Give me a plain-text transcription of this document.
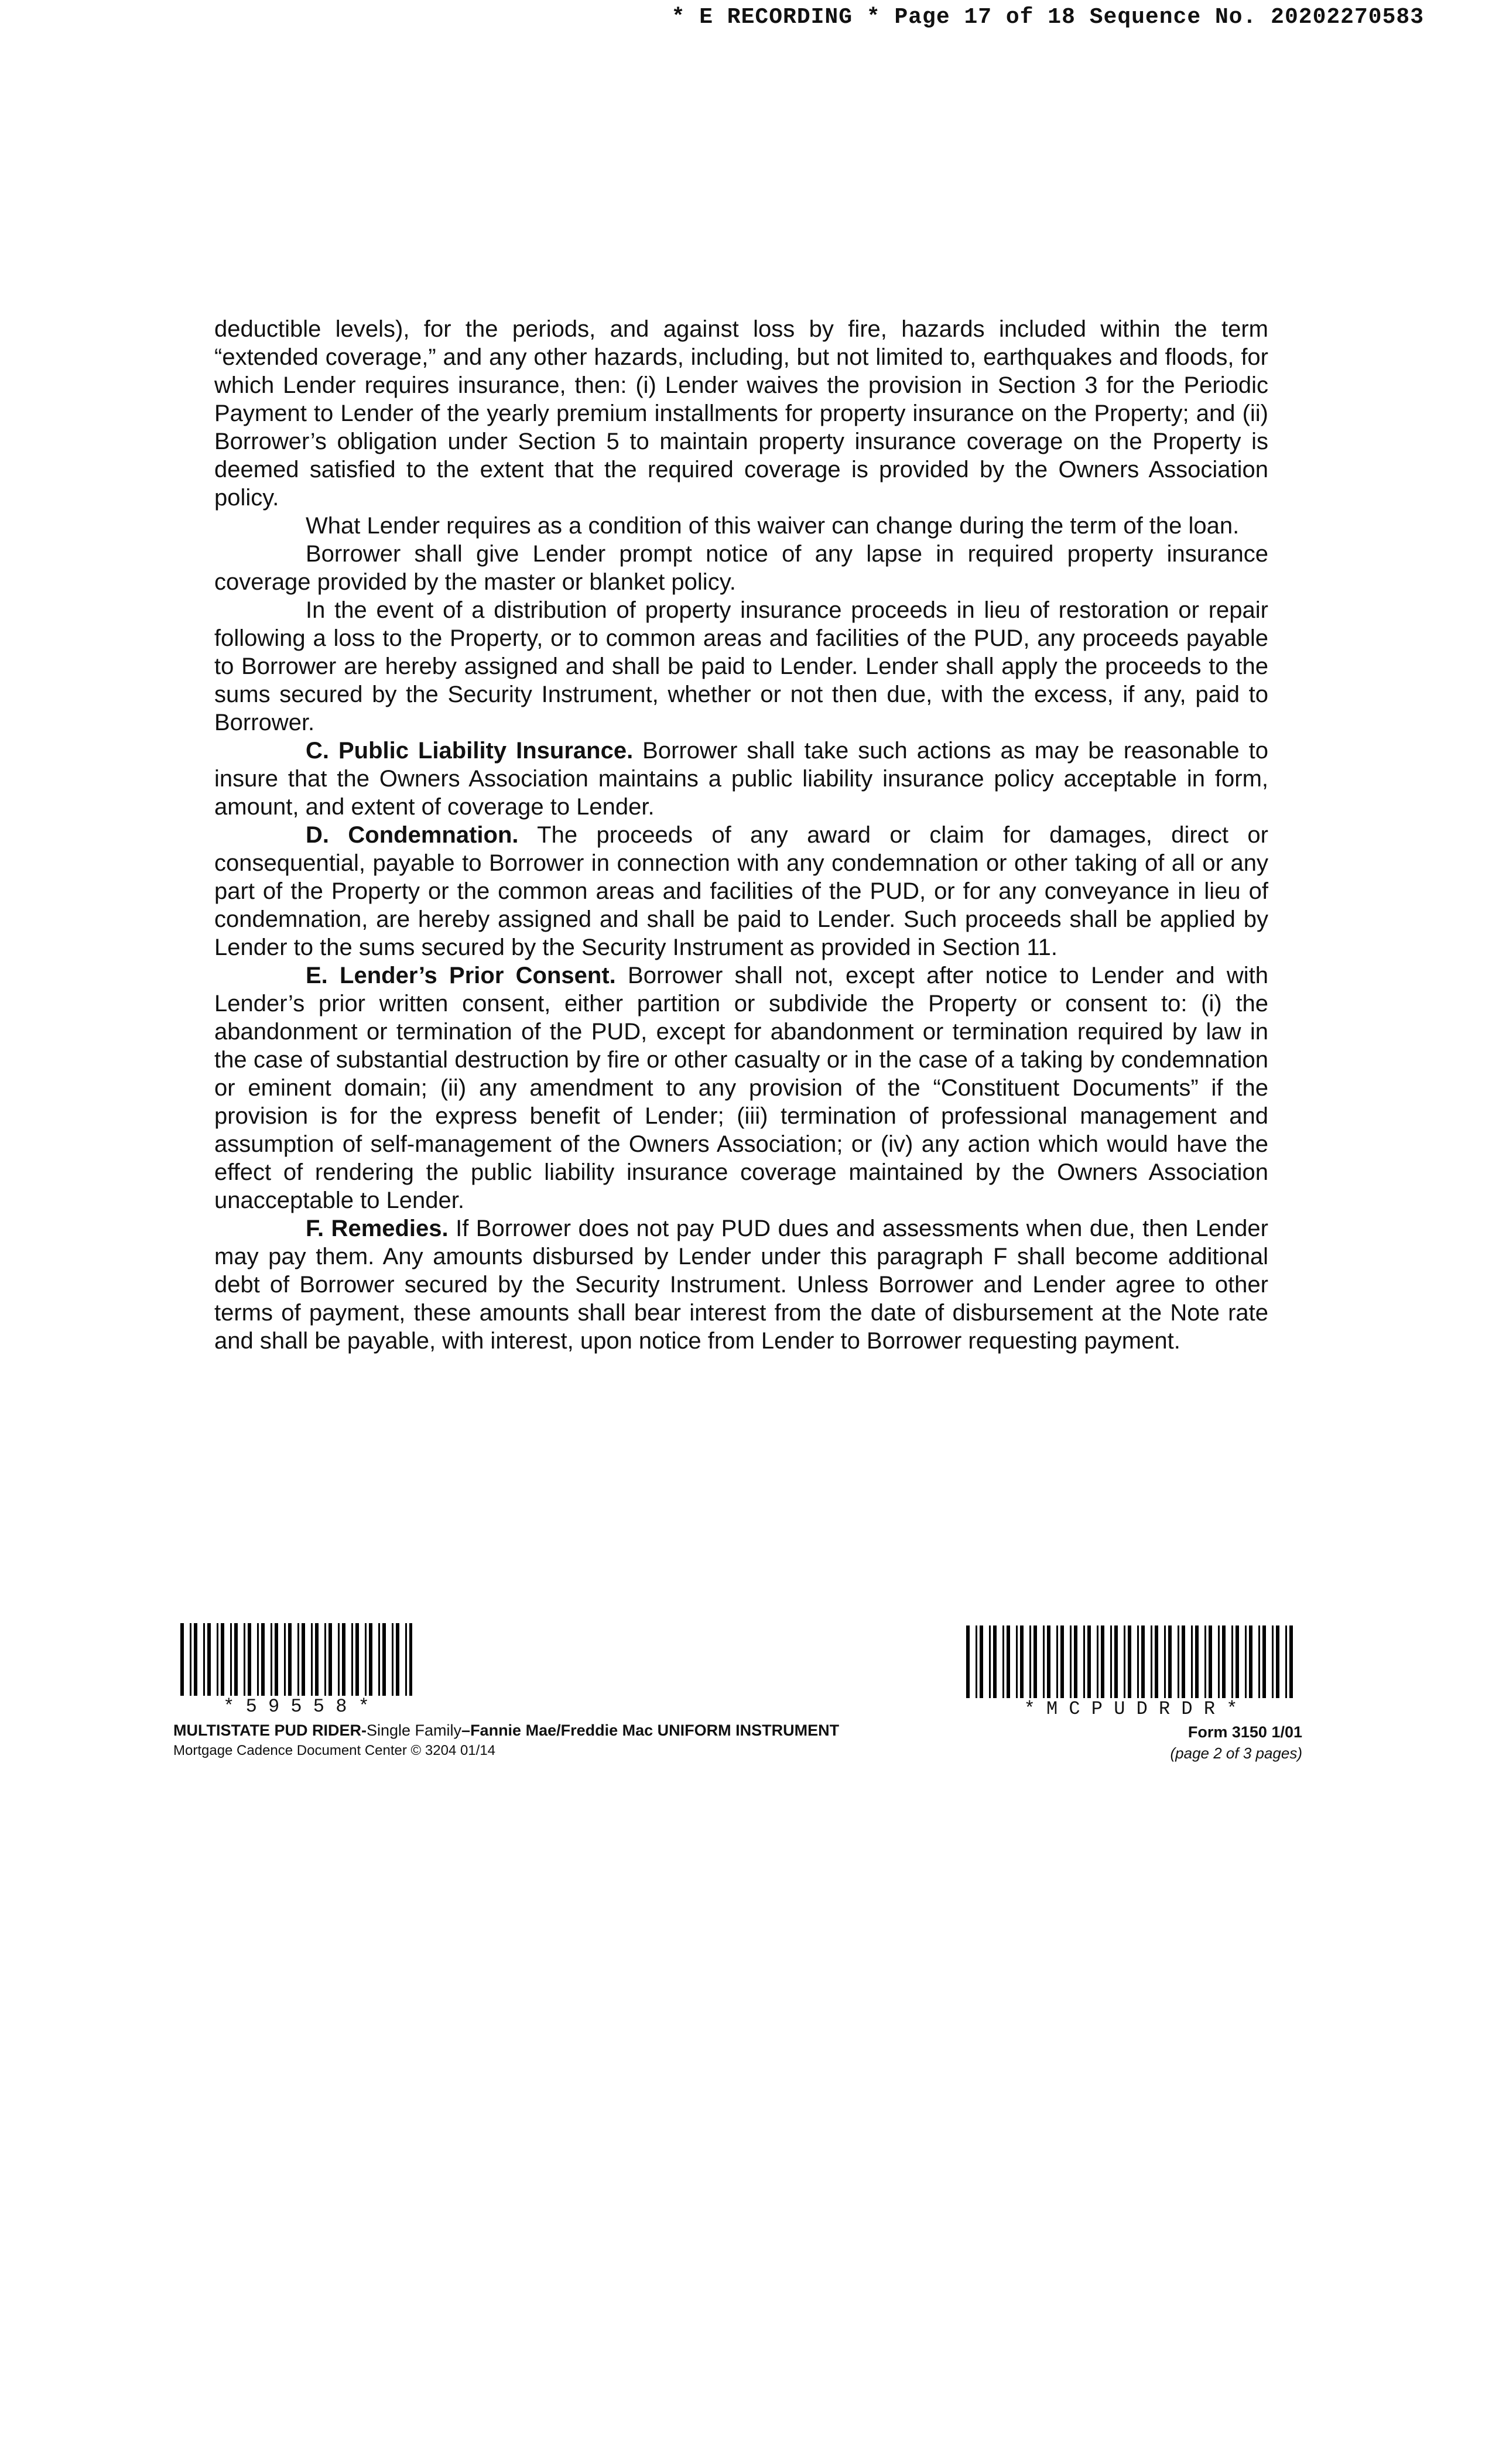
* E RECORDING * Page 17 of 18 Sequence No. 20202270583

deductible levels), for the periods, and against loss by fire, hazards included within the term “extended coverage,” and any other hazards, including, but not limited to, earthquakes and floods, for which Lender requires insurance, then: (i) Lender waives the provision in Section 3 for the Periodic Payment to Lender of the yearly premium installments for property insurance on the Property; and (ii) Borrower’s obligation under Section 5 to maintain property insurance coverage on the Property is deemed satisfied to the extent that the required coverage is provided by the Owners Association policy.

What Lender requires as a condition of this waiver can change during the term of the loan.

Borrower shall give Lender prompt notice of any lapse in required property insurance coverage provided by the master or blanket policy.

In the event of a distribution of property insurance proceeds in lieu of restoration or repair following a loss to the Property, or to common areas and facilities of the PUD, any proceeds payable to Borrower are hereby assigned and shall be paid to Lender. Lender shall apply the proceeds to the sums secured by the Security Instrument, whether or not then due, with the excess, if any, paid to Borrower.

C. Public Liability Insurance. Borrower shall take such actions as may be reasonable to insure that the Owners Association maintains a public liability insurance policy acceptable in form, amount, and extent of coverage to Lender.

D. Condemnation. The proceeds of any award or claim for damages, direct or consequential, payable to Borrower in connection with any condemnation or other taking of all or any part of the Property or the common areas and facilities of the PUD, or for any conveyance in lieu of condemnation, are hereby assigned and shall be paid to Lender. Such proceeds shall be applied by Lender to the sums secured by the Security Instrument as provided in Section 11.

E. Lender’s Prior Consent. Borrower shall not, except after notice to Lender and with Lender’s prior written consent, either partition or subdivide the Property or consent to: (i) the abandonment or termination of the PUD, except for abandonment or termination required by law in the case of substantial destruction by fire or other casualty or in the case of a taking by condemnation or eminent domain; (ii) any amendment to any provision of the “Constituent Documents” if the provision is for the express benefit of Lender; (iii) termination of professional management and assumption of self-management of the Owners Association; or (iv) any action which would have the effect of rendering the public liability insurance coverage maintained by the Owners Association unacceptable to Lender.

F. Remedies. If Borrower does not pay PUD dues and assessments when due, then Lender may pay them. Any amounts disbursed by Lender under this paragraph F shall become additional debt of Borrower secured by the Security Instrument. Unless Borrower and Lender agree to other terms of payment, these amounts shall bear interest from the date of disbursement at the Note rate and shall be payable, with interest, upon notice from Lender to Borrower requesting payment.

* 5 9 5 5 8 *	* M C P U D R D R *
MULTISTATE PUD RIDER-Single Family–Fannie Mae/Freddie Mac UNIFORM INSTRUMENT
Mortgage Cadence Document Center © 3204 01/14
Form 3150 1/01
(page 2 of 3 pages)
